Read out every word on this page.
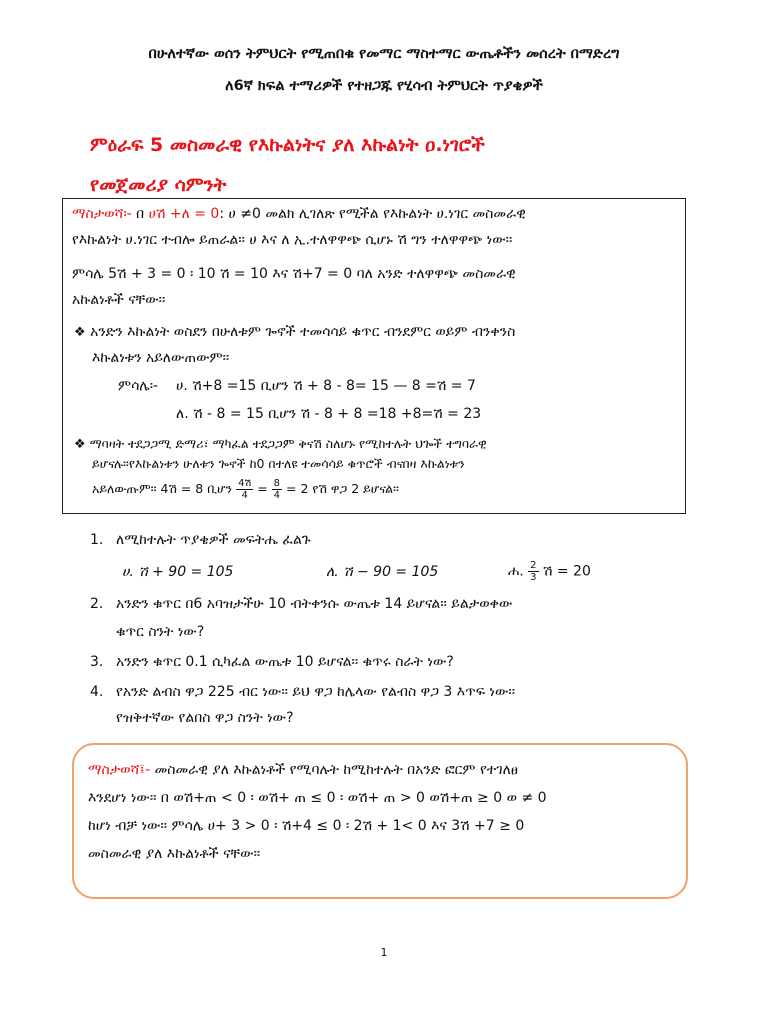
በሁለተኛው ወሰን ትምህርት የሚጠበቁ የመማር ማስተማር ውጤቶችን መሰረት በማድረግ
ለ6ኛ ክፍል ተማሪዎች የተዘጋጁ የሂሳብ ትምህርት ጥያቄዎች
ምዕራፍ 5 መስመራዊ የእኩልነትና ያለ እኩልነት ዐ.ነገሮች
የመጀመሪያ ሳምንት
ማስታወሻ፡- በ ሀሽ +ለ = 0: ሀ ≠0 መልክ ሊገለጽ የሚችል የእኩልነት ሀ.ነገር መስመራዊ
የእኩልነት ሀ.ነገር ተብሎ ይጠራል፡፡ ሀ እና ለ ኢ.ተለዋዋጭ ሲሆኑ ሽ ግን ተለዋዋጭ ነው፡፡
ምሳሌ 5ሽ + 3 = 0 ፡ 10 ሽ = 10 እና ሽ+7 = 0 ባለ አንድ ተለዋዋጭ መስመራዊ
አኩልነቶች ናቸው፡፡
❖ አንድን እኩልነት ወስደን በሁለቱም ጐኖች ተመሳሳይ ቁጥር ብንደምር ወይም ብንቀንስ
እኩልነቱን አይለውጠውም፡፡
ምሳሌ፡- ሀ. ሽ+8 =15 ቢሆን ሽ + 8 - 8= 15 — 8 =ሽ = 7
ለ. ሽ - 8 = 15 ቢሆን ሽ - 8 + 8 =18 +8=ሽ = 23
❖ ማባዛት ተደጋጋሚ ድማሪ፣ ማካፈል ተደጋጋም ቅናሽ ስለሆኑ የሚከተሉት ህጐች ተግባራዊ
ይሆናሉ፡፡የእኩልነቱን ሁለቱን ጐኖች ከ0 በተለዩ ተመሳሳይ ቁጥሮች ብናበዛ እኩልነቱን
አይለውጡም፡፡ 4ሽ = 8 ቢሆን $\frac{\text{4ሽ}}{4} = \frac{8}{4} = 2$ የሽ ዋጋ 2 ይሆናል፡፡
1. ለሚከተሉት ጥያቄዎች መፍትሔ ፈልጉ
ሀ. ሽ + 90 = 105	ለ. ሽ − 90 = 105	ሐ. $\frac{2}{3}$ ሽ = 20
2. አንድን ቁጥር በ6 አባዝታችሁ 10 ብትቀንሱ ውጤቱ 14 ይሆናል፡፡ ይልታወቀው
ቁጥር ስንት ነው?
3. አንድን ቁጥር 0.1 ሲካፈል ውጤቱ 10 ይሆናል፡፡ ቁጥሩ ስራት ነው?
4. የአንድ ልብስ ዋጋ 225 ብር ነው፡፡ ይህ ዋጋ ከሌላው የልብስ ዋጋ 3 እጥፍ ነው፡፡
የዝቅተኛው የልበስ ዋጋ ስንት ነው?
ማስታወሻ፤- መስመራዊ ያለ እኩልነቶች የሚባሉት ከሚከተሉት በአንድ ፎርም የተገለፀ
እንደሆነ ነው፡፡ በ ወሽ+ጠ < 0 ፡ ወሽ+ ጠ ≤ 0 ፡ ወሽ+ ጠ > 0 ወሽ+ጠ ≥ 0 ወ ≠ 0
ከሆነ ብቻ ነው፡፡ ምሳሌ ሀ+ 3 > 0 ፡ ሽ+4 ≤ 0 ፡ 2ሽ + 1< 0 እና 3ሽ +7 ≥ 0
መስመራዊ ያለ እኩልነቶች ናቸው፡፡
1
